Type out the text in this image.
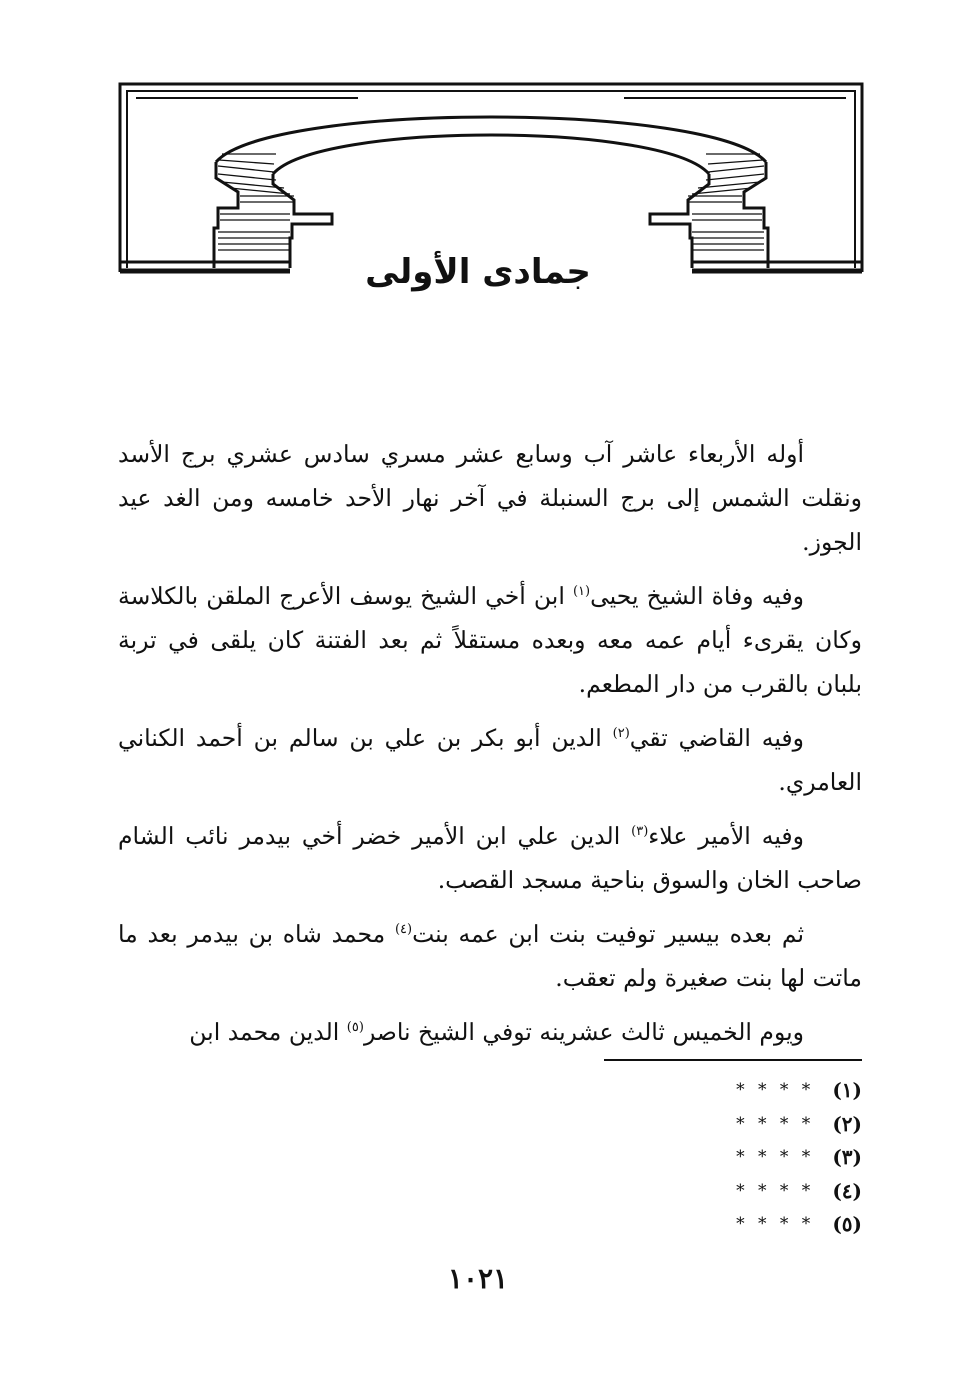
جمادى الأولى

أوله الأربعاء عاشر آب وسابع عشر مسري سادس عشري برج الأسد ونقلت الشمس إلى برج السنبلة في آخر نهار الأحد خامسه ومن الغد عيد الجوز.

وفيه وفاة الشيخ يحيى$^{(١)}$ ابن أخي الشيخ يوسف الأعرج الملقن بالكلاسة وكان يقرىء أيام عمه معه وبعده مستقلاً ثم بعد الفتنة كان يلقى في تربة بلبان بالقرب من دار المطعم.

وفيه القاضي تقي$^{(٢)}$ الدين أبو بكر بن علي بن سالم بن أحمد الكناني العامري.

وفيه الأمير علاء$^{(٣)}$ الدين علي ابن الأمير خضر أخي بيدمر نائب الشام صاحب الخان والسوق بناحية مسجد القصب.

ثم بعده بيسير توفيت بنت ابن عمه بنت$^{(٤)}$ محمد شاه بن بيدمر بعد ما ماتت لها بنت صغيرة ولم تعقب.

ويوم الخميس ثالث عشرينه توفي الشيخ ناصر$^{(٥)}$ الدين محمد ابن

(١)
* * * *
(٢)
* * * *
(٣)
* * * *
(٤)
* * * *
(٥)
* * * *
١٠٢١
